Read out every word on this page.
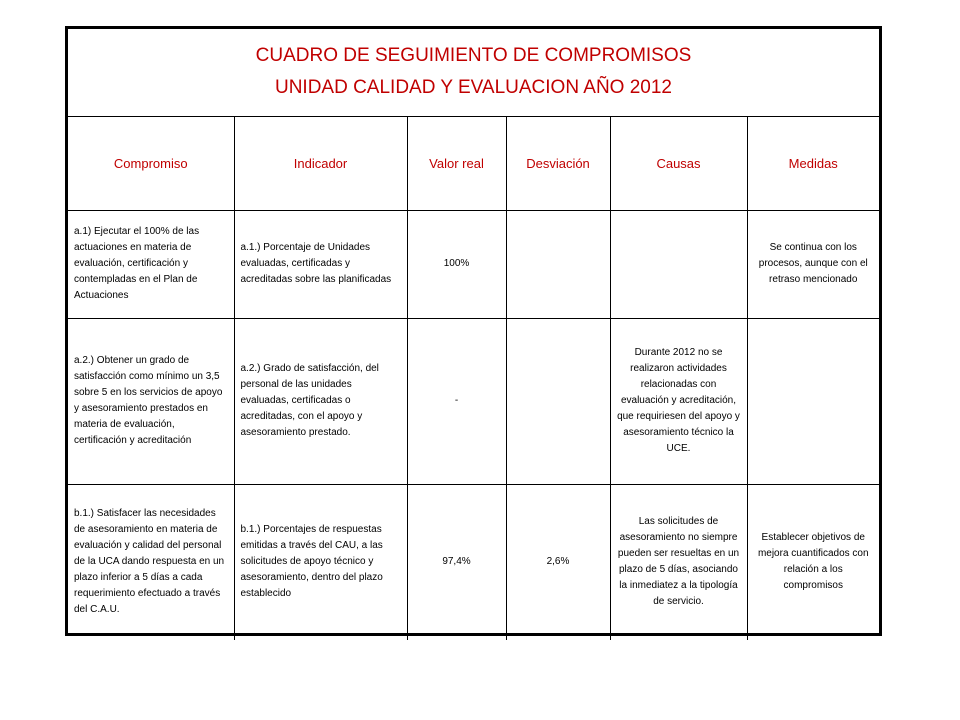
CUADRO DE SEGUIMIENTO DE COMPROMISOS
UNIDAD CALIDAD Y EVALUACION AÑO 2012
Compromiso	Indicador	Valor real	Desviación	Causas	Medidas
a.1) Ejecutar el 100% de las actuaciones en materia de evaluación, certificación y contempladas en el Plan de Actuaciones	a.1.) Porcentaje de Unidades evaluadas, certificadas y acreditadas sobre las planificadas	100%			Se continua con los procesos, aunque con el retraso mencionado
a.2.) Obtener un grado de satisfacción como mínimo un 3,5 sobre 5 en los servicios de apoyo y asesoramiento prestados en materia de evaluación, certificación y acreditación	a.2.) Grado de satisfacción, del personal de las unidades evaluadas, certificadas o acreditadas, con el apoyo y asesoramiento prestado.	-		Durante 2012 no se realizaron actividades relacionadas con evaluación y acreditación, que requiriesen del apoyo y asesoramiento técnico la UCE.	
b.1.) Satisfacer las necesidades de asesoramiento en materia de evaluación y calidad del personal de la UCA dando respuesta en un plazo inferior a 5 días a cada requerimiento efectuado a través del C.A.U.	b.1.) Porcentajes de respuestas emitidas a través del CAU, a las solicitudes de apoyo técnico y asesoramiento, dentro del plazo establecido	97,4%	2,6%	Las solicitudes de asesoramiento no siempre pueden ser resueltas en un plazo de 5 días, asociando la inmediatez a la tipología de servicio.	Establecer objetivos de mejora cuantificados con relación a los compromisos
